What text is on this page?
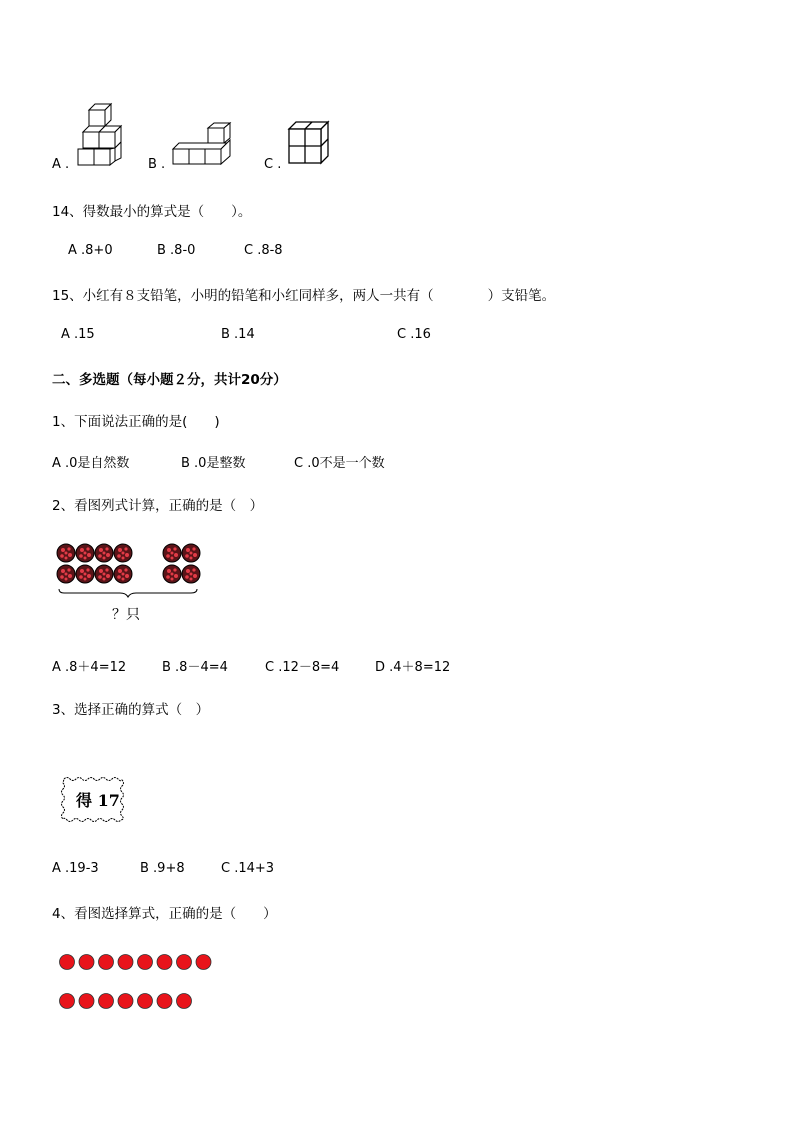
A .	B .	C .
14、得数最小的算式是（　　）。
A .8+0	B .8-0	C .8-8
15、小红有８支铅笔，小明的铅笔和小红同样多，两人一共有（　　　　）支铅笔。
A .15	B .14	C .16
二、多选题（每小题２分，共计20分）
1、下面说法正确的是(　　)
A .0是自然数	B .0是整数	C .0不是一个数
2、看图列式计算，正确的是（　）
？只
A .8＋4=12	B .8－4=4	C .12－8=4	D .4＋8=12
3、选择正确的算式（　）
得 17
A .19-3	B .9+8	C .14+3
4、看图选择算式，正确的是（　　）
